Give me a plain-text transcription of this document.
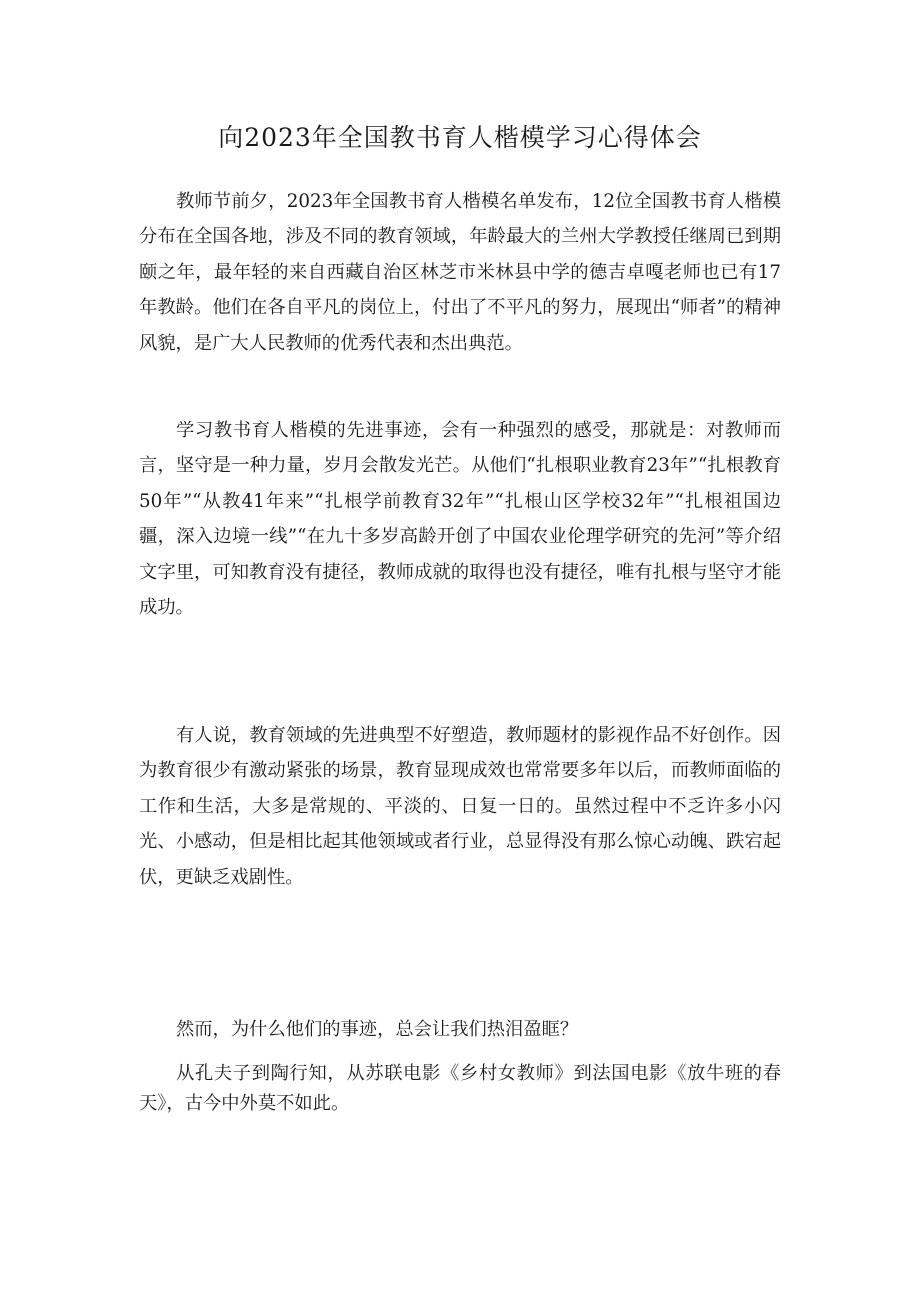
向2023年全国教书育人楷模学习心得体会

教师节前夕，2023年全国教书育人楷模名单发布，12位全国教书育人楷模分布在全国各地，涉及不同的教育领域，年龄最大的兰州大学教授任继周已到期颐之年，最年轻的来自西藏自治区林芝市米林县中学的德吉卓嘎老师也已有17年教龄。他们在各自平凡的岗位上，付出了不平凡的努力，展现出“师者”的精神风貌，是广大人民教师的优秀代表和杰出典范。

学习教书育人楷模的先进事迹，会有一种强烈的感受，那就是：对教师而言，坚守是一种力量，岁月会散发光芒。从他们“扎根职业教育23年”“扎根教育50年”“从教41年来”“扎根学前教育32年”“扎根山区学校32年”“扎根祖国边疆，深入边境一线”“在九十多岁高龄开创了中国农业伦理学研究的先河”等介绍文字里，可知教育没有捷径，教师成就的取得也没有捷径，唯有扎根与坚守才能成功。

有人说，教育领域的先进典型不好塑造，教师题材的影视作品不好创作。因为教育很少有激动紧张的场景，教育显现成效也常常要多年以后，而教师面临的工作和生活，大多是常规的、平淡的、日复一日的。虽然过程中不乏许多小闪光、小感动，但是相比起其他领域或者行业，总显得没有那么惊心动魄、跌宕起伏，更缺乏戏剧性。

然而，为什么他们的事迹，总会让我们热泪盈眶？

从孔夫子到陶行知，从苏联电影《乡村女教师》到法国电影《放牛班的春天》，古今中外莫不如此。
